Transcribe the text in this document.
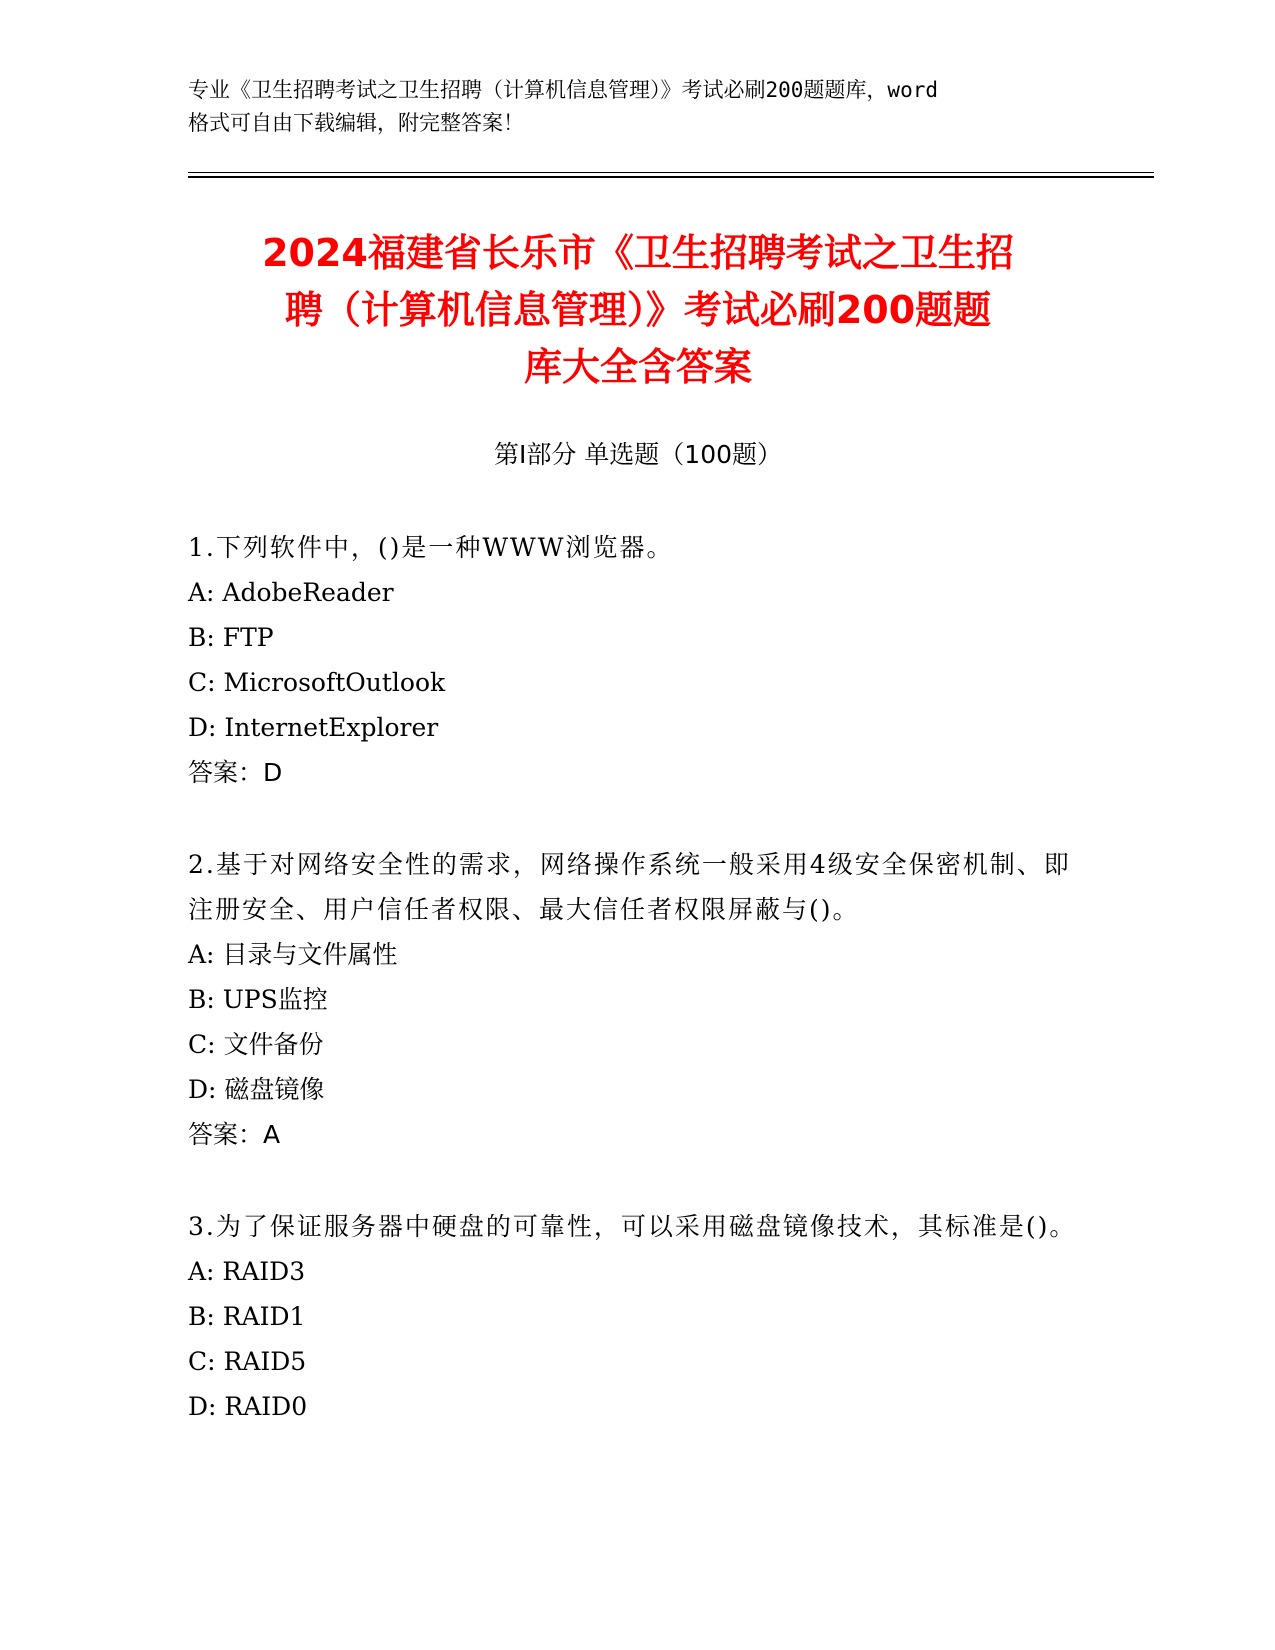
专业《卫生招聘考试之卫生招聘（计算机信息管理）》考试必刷200题题库，word
格式可自由下载编辑，附完整答案！
2024福建省长乐市《卫生招聘考试之卫生招
聘（计算机信息管理）》考试必刷200题题
库大全含答案
第Ⅰ部分 单选题（100题）

1.下列软件中，()是一种WWW浏览器。

A: AdobeReader

B: FTP

C: MicrosoftOutlook

D: InternetExplorer

答案：D

2.基于对网络安全性的需求，网络操作系统一般采用4级安全保密机制、即注册安全、用户信任者权限、最大信任者权限屏蔽与()。

A: 目录与文件属性

B: UPS监控

C: 文件备份

D: 磁盘镜像

答案：A

3.为了保证服务器中硬盘的可靠性，可以采用磁盘镜像技术，其标准是()。

A: RAID3

B: RAID1

C: RAID5

D: RAID0
